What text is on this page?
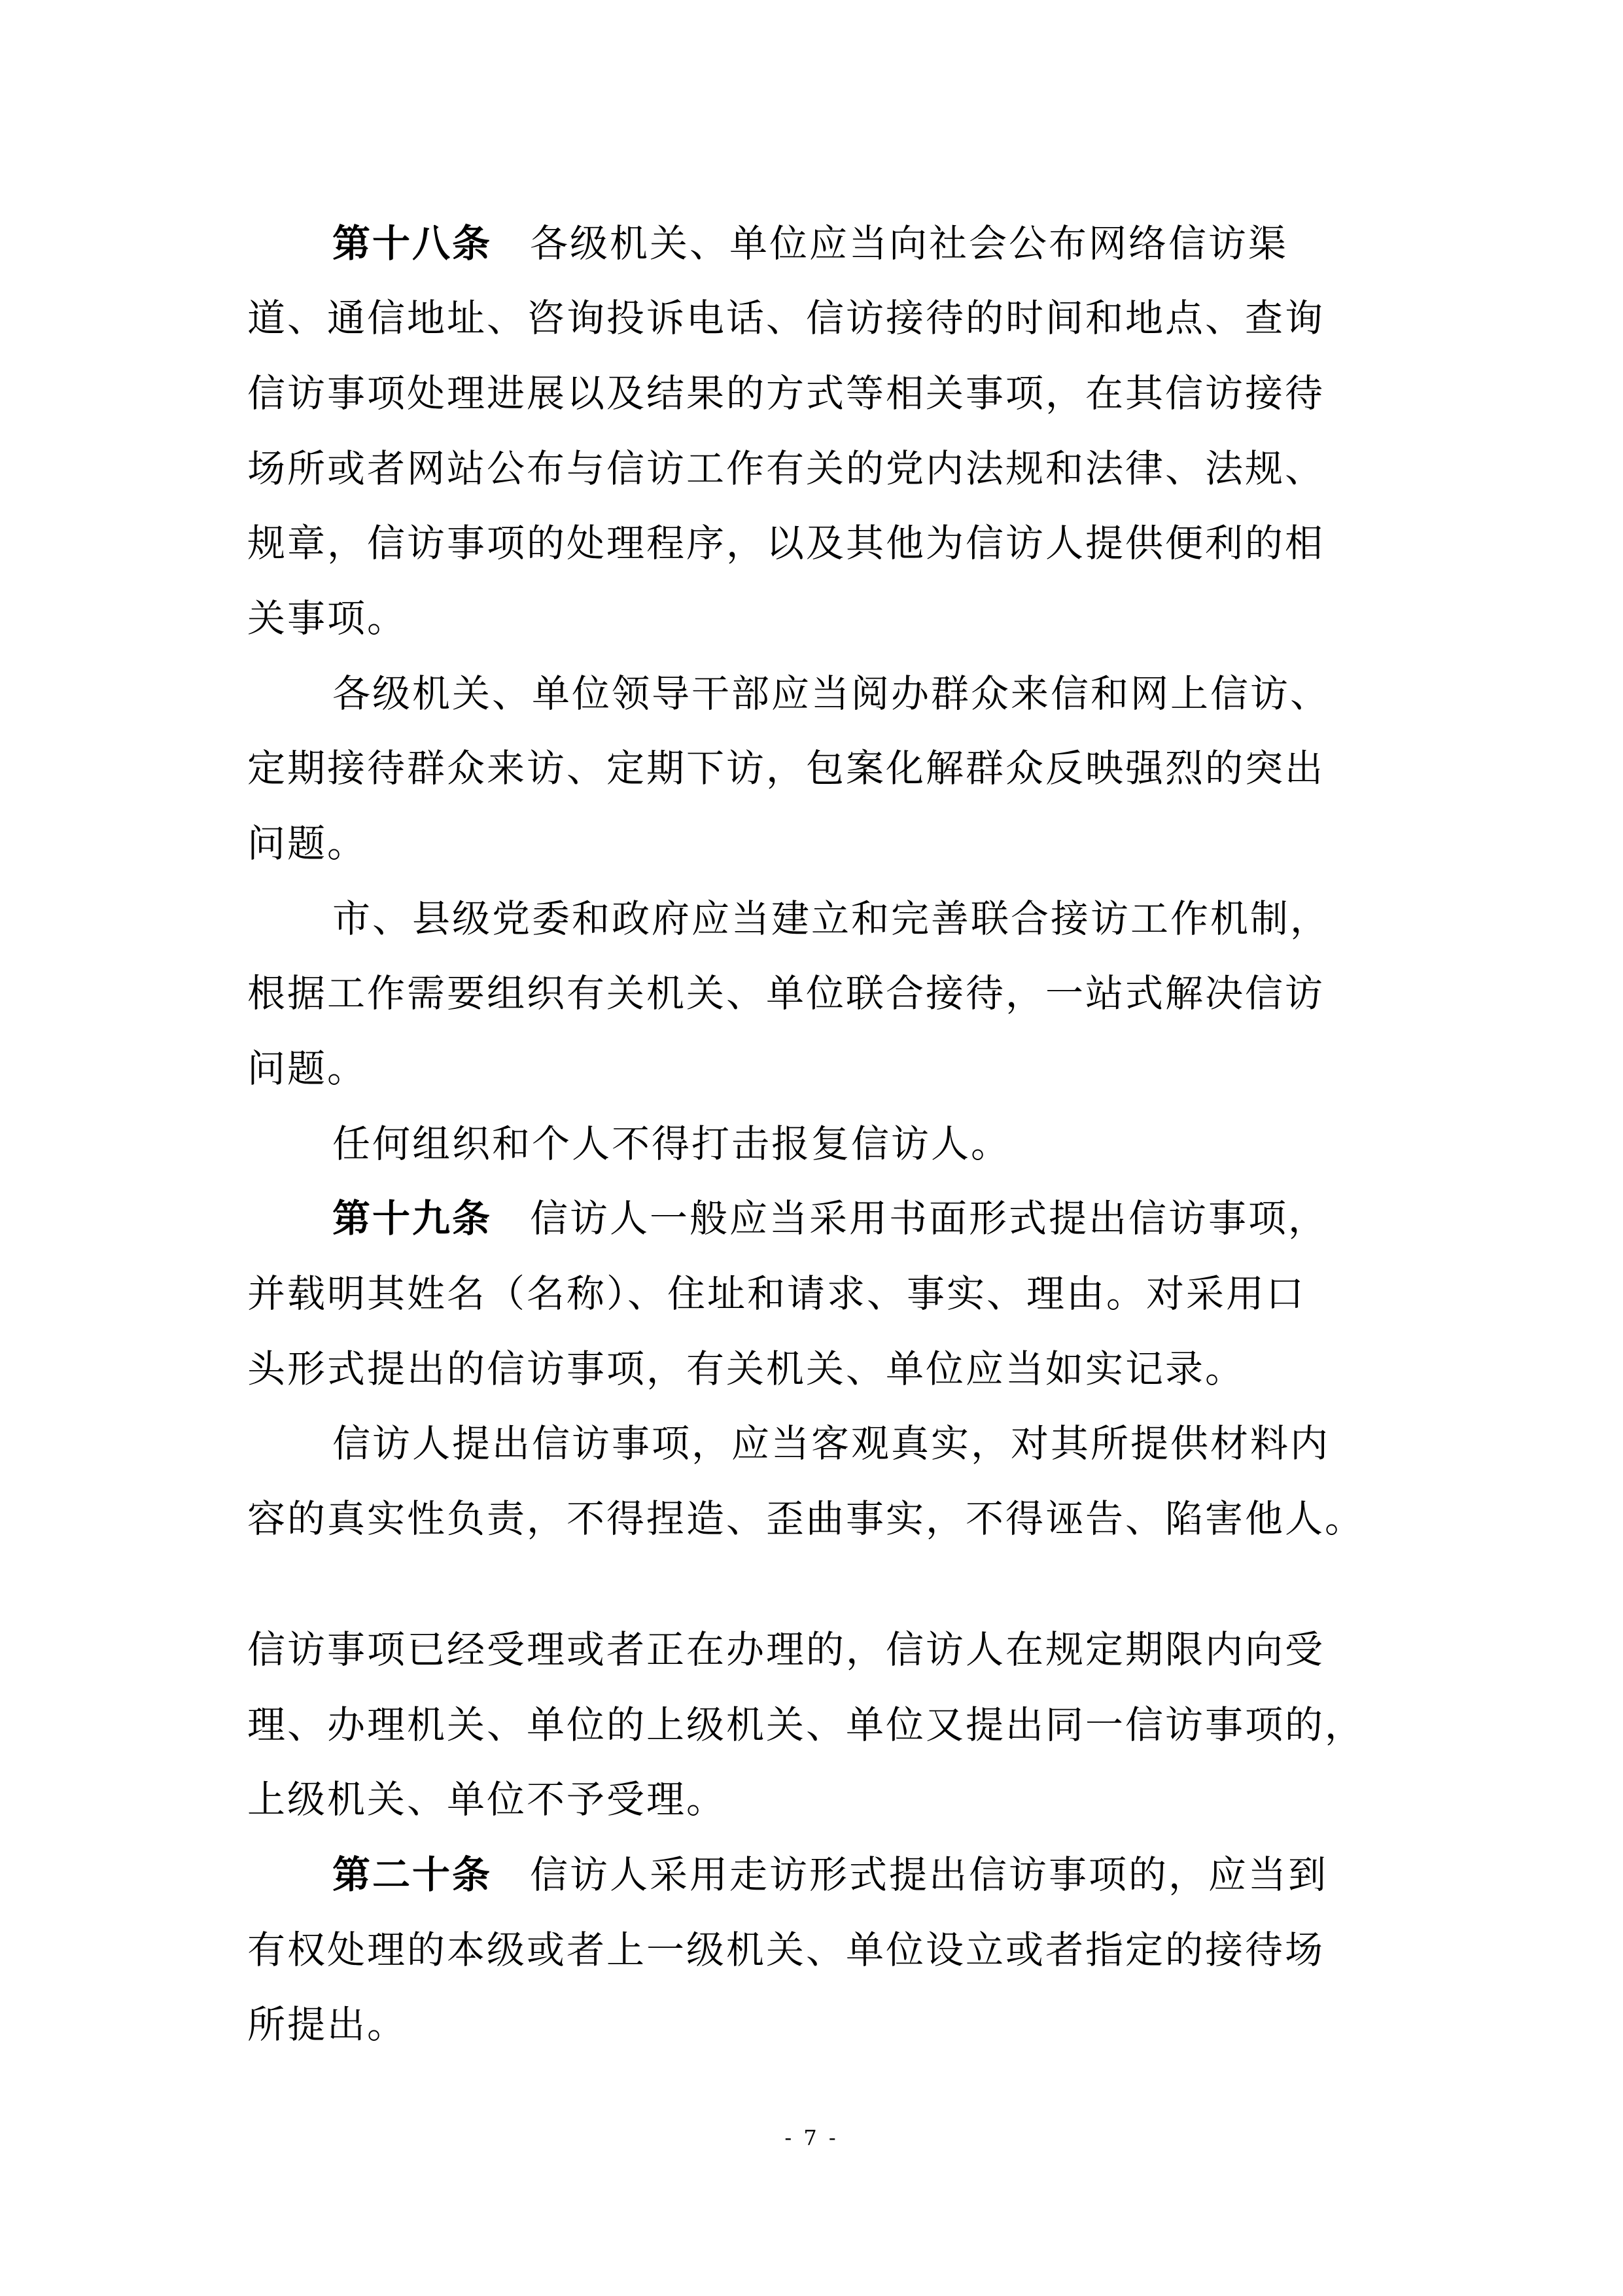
第十八条 各级机关、单位应当向社会公布网络信访渠
道、通信地址、咨询投诉电话、信访接待的时间和地点、查询
信访事项处理进展以及结果的方式等相关事项，在其信访接待
场所或者网站公布与信访工作有关的党内法规和法律、法规、
规章，信访事项的处理程序，以及其他为信访人提供便利的相
关事项。
各级机关、单位领导干部应当阅办群众来信和网上信访、
定期接待群众来访、定期下访，包案化解群众反映强烈的突出
问题。
市、县级党委和政府应当建立和完善联合接访工作机制，
根据工作需要组织有关机关、单位联合接待，一站式解决信访
问题。
任何组织和个人不得打击报复信访人。
第十九条 信访人一般应当采用书面形式提出信访事项，
并载明其姓名（名称）、住址和请求、事实、理由。对采用口
头形式提出的信访事项，有关机关、单位应当如实记录。
信访人提出信访事项，应当客观真实，对其所提供材料内
容的真实性负责，不得捏造、歪曲事实，不得诬告、陷害他人。
信访事项已经受理或者正在办理的，信访人在规定期限内向受
理、办理机关、单位的上级机关、单位又提出同一信访事项的，
上级机关、单位不予受理。
第二十条 信访人采用走访形式提出信访事项的，应当到
有权处理的本级或者上一级机关、单位设立或者指定的接待场
所提出。
- 7 -
